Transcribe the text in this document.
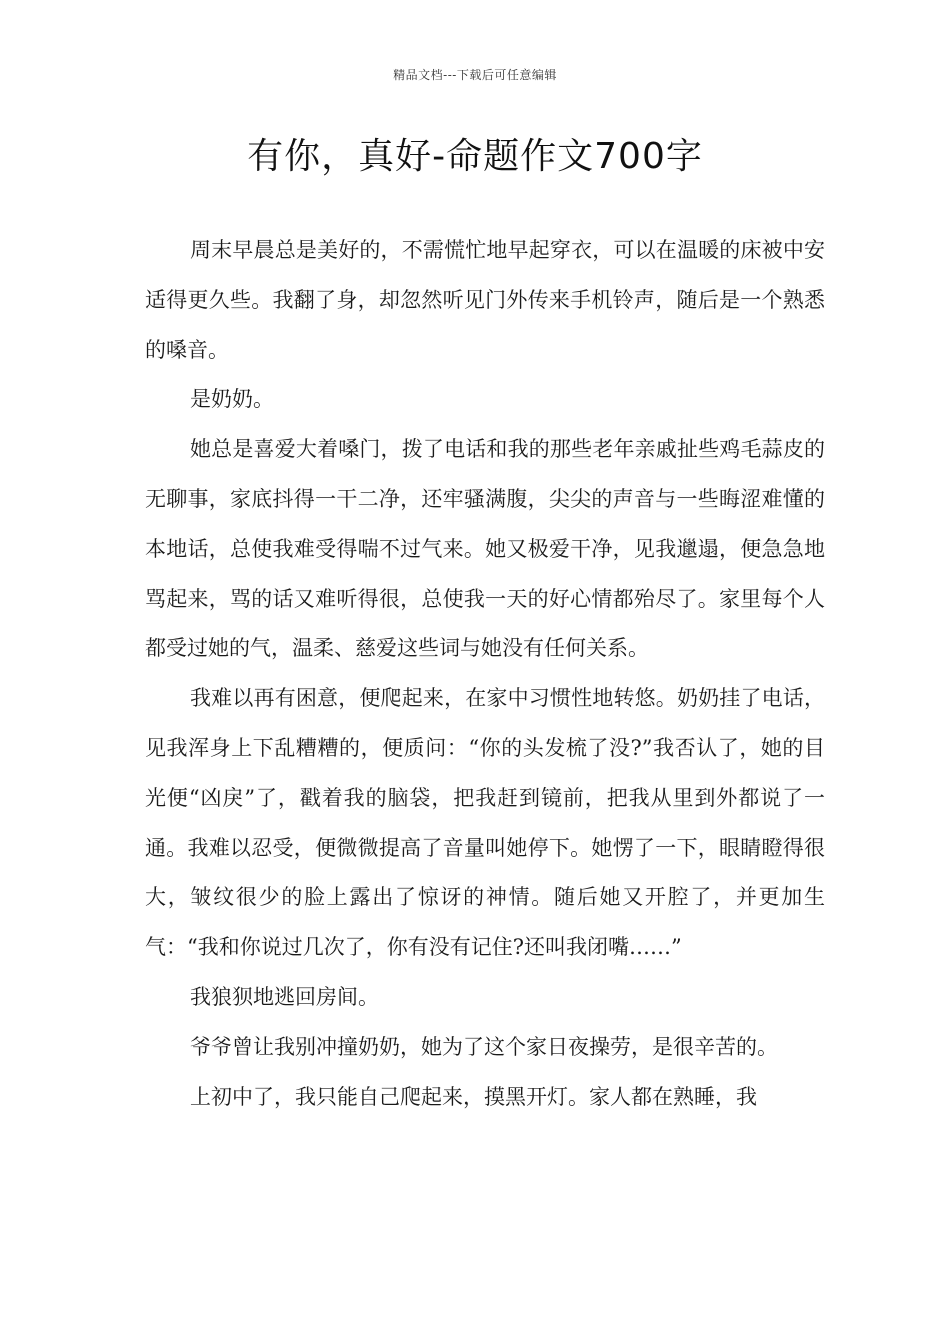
精品文档---下载后可任意编辑
有你，真好-命题作文700字

周末早晨总是美好的，不需慌忙地早起穿衣，可以在温暖的床被中安适得更久些。我翻了身，却忽然听见门外传来手机铃声，随后是一个熟悉的嗓音。

是奶奶。

她总是喜爱大着嗓门，拨了电话和我的那些老年亲戚扯些鸡毛蒜皮的无聊事，家底抖得一干二净，还牢骚满腹，尖尖的声音与一些晦涩难懂的本地话，总使我难受得喘不过气来。她又极爱干净，见我邋遢，便急急地骂起来，骂的话又难听得很，总使我一天的好心情都殆尽了。家里每个人都受过她的气，温柔、慈爱这些词与她没有任何关系。

我难以再有困意，便爬起来，在家中习惯性地转悠。奶奶挂了电话，见我浑身上下乱糟糟的，便质问：“你的头发梳了没?”我否认了，她的目光便“凶戾”了，戳着我的脑袋，把我赶到镜前，把我从里到外都说了一通。我难以忍受，便微微提高了音量叫她停下。她愣了一下，眼睛瞪得很大，皱纹很少的脸上露出了惊讶的神情。随后她又开腔了，并更加生气：“我和你说过几次了，你有没有记住?还叫我闭嘴……”

我狼狈地逃回房间。

爷爷曾让我别冲撞奶奶，她为了这个家日夜操劳，是很辛苦的。

上初中了，我只能自己爬起来，摸黑开灯。家人都在熟睡，我
